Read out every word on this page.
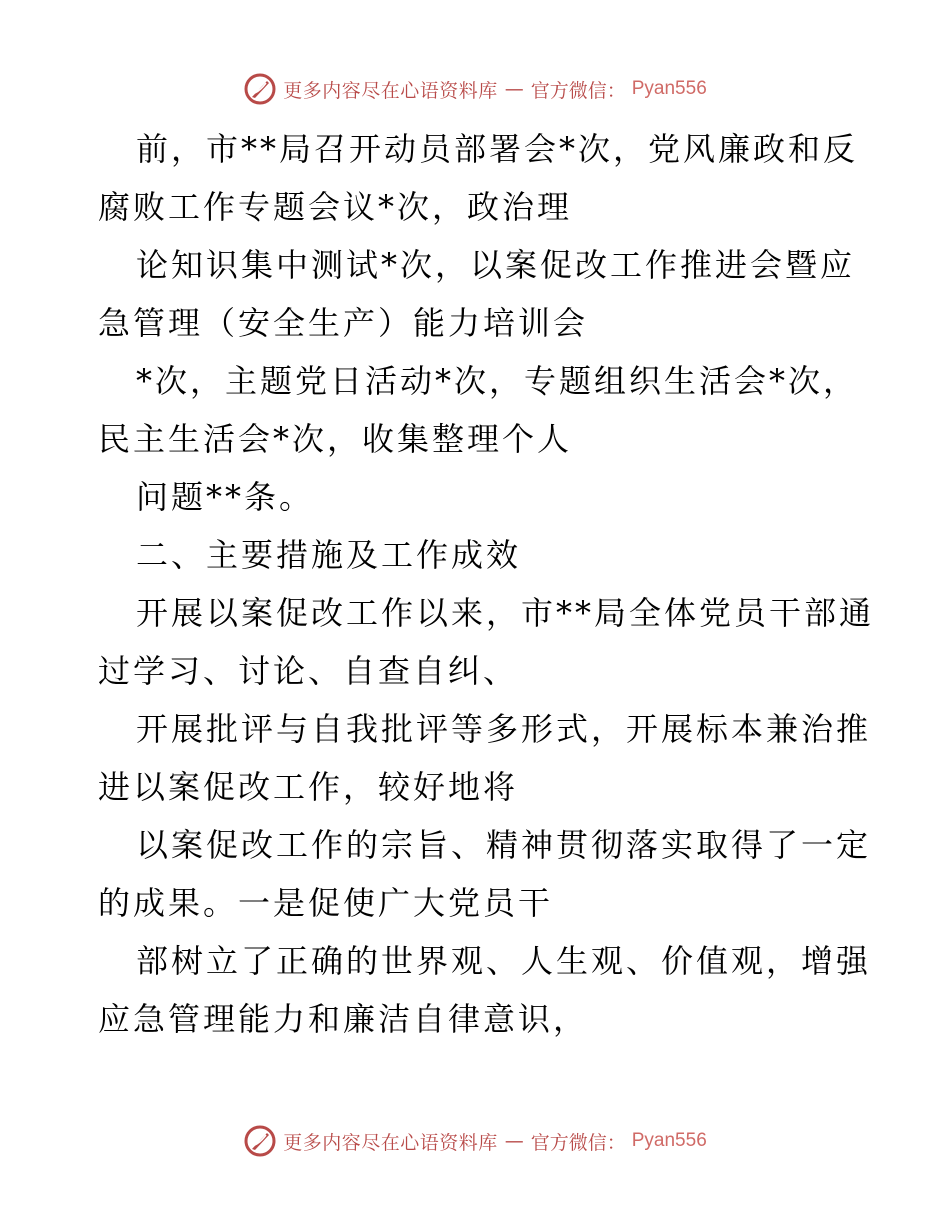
更多内容尽在心语资料库 — 官方微信： Pyan556
前，市**局召开动员部署会*次，党风廉政和反
腐败工作专题会议*次，政治理
论知识集中测试*次，以案促改工作推进会暨应
急管理（安全生产）能力培训会
*次，主题党日活动*次，专题组织生活会*次，
民主生活会*次，收集整理个人
问题**条。
二、主要措施及工作成效
开展以案促改工作以来，市**局全体党员干部通
过学习、讨论、自查自纠、
开展批评与自我批评等多形式，开展标本兼治推
进以案促改工作，较好地将
以案促改工作的宗旨、精神贯彻落实取得了一定
的成果。一是促使广大党员干
部树立了正确的世界观、人生观、价值观，增强
应急管理能力和廉洁自律意识，
更多内容尽在心语资料库 — 官方微信： Pyan556
